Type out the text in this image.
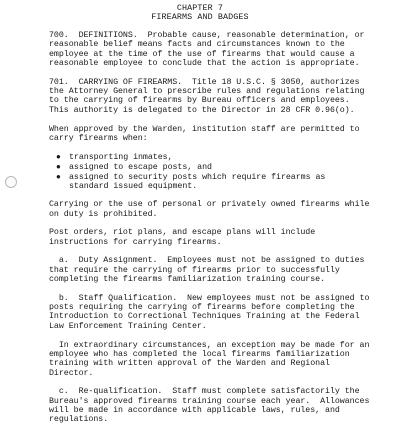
CHAPTER 7
FIREARMS AND BADGES

700.  DEFINITIONS.  Probable cause, reasonable determination, or
reasonable belief means facts and circumstances known to the
employee at the time of the use of firearms that would cause a
reasonable employee to conclude that the action is appropriate.

701.  CARRYING OF FIREARMS.  Title 18 U.S.C. § 3050, authorizes
the Attorney General to prescribe rules and regulations relating
to the carrying of firearms by Bureau officers and employees.
This authority is delegated to the Director in 28 CFR 0.96(o).

When approved by the Warden, institution staff are permitted to
carry firearms when:

● transporting inmates,
● assigned to escape posts, and
● assigned to security posts which require firearms as
standard issued equipment.

Carrying or the use of personal or privately owned firearms while
on duty is prohibited.

Post orders, riot plans, and escape plans will include
instructions for carrying firearms.

a.  Duty Assignment.  Employees must not be assigned to duties
that require the carrying of firearms prior to successfully
completing the firearms familiarization training course.

b.  Staff Qualification.  New employees must not be assigned to
posts requiring the carrying of firearms before completing the
Introduction to Correctional Techniques Training at the Federal
Law Enforcement Training Center.

In extraordinary circumstances, an exception may be made for an
employee who has completed the local firearms familiarization
training with written approval of the Warden and Regional
Director.

c.  Re-qualification.  Staff must complete satisfactorily the
Bureau's approved firearms training course each year.  Allowances
will be made in accordance with applicable laws, rules, and
regulations.
